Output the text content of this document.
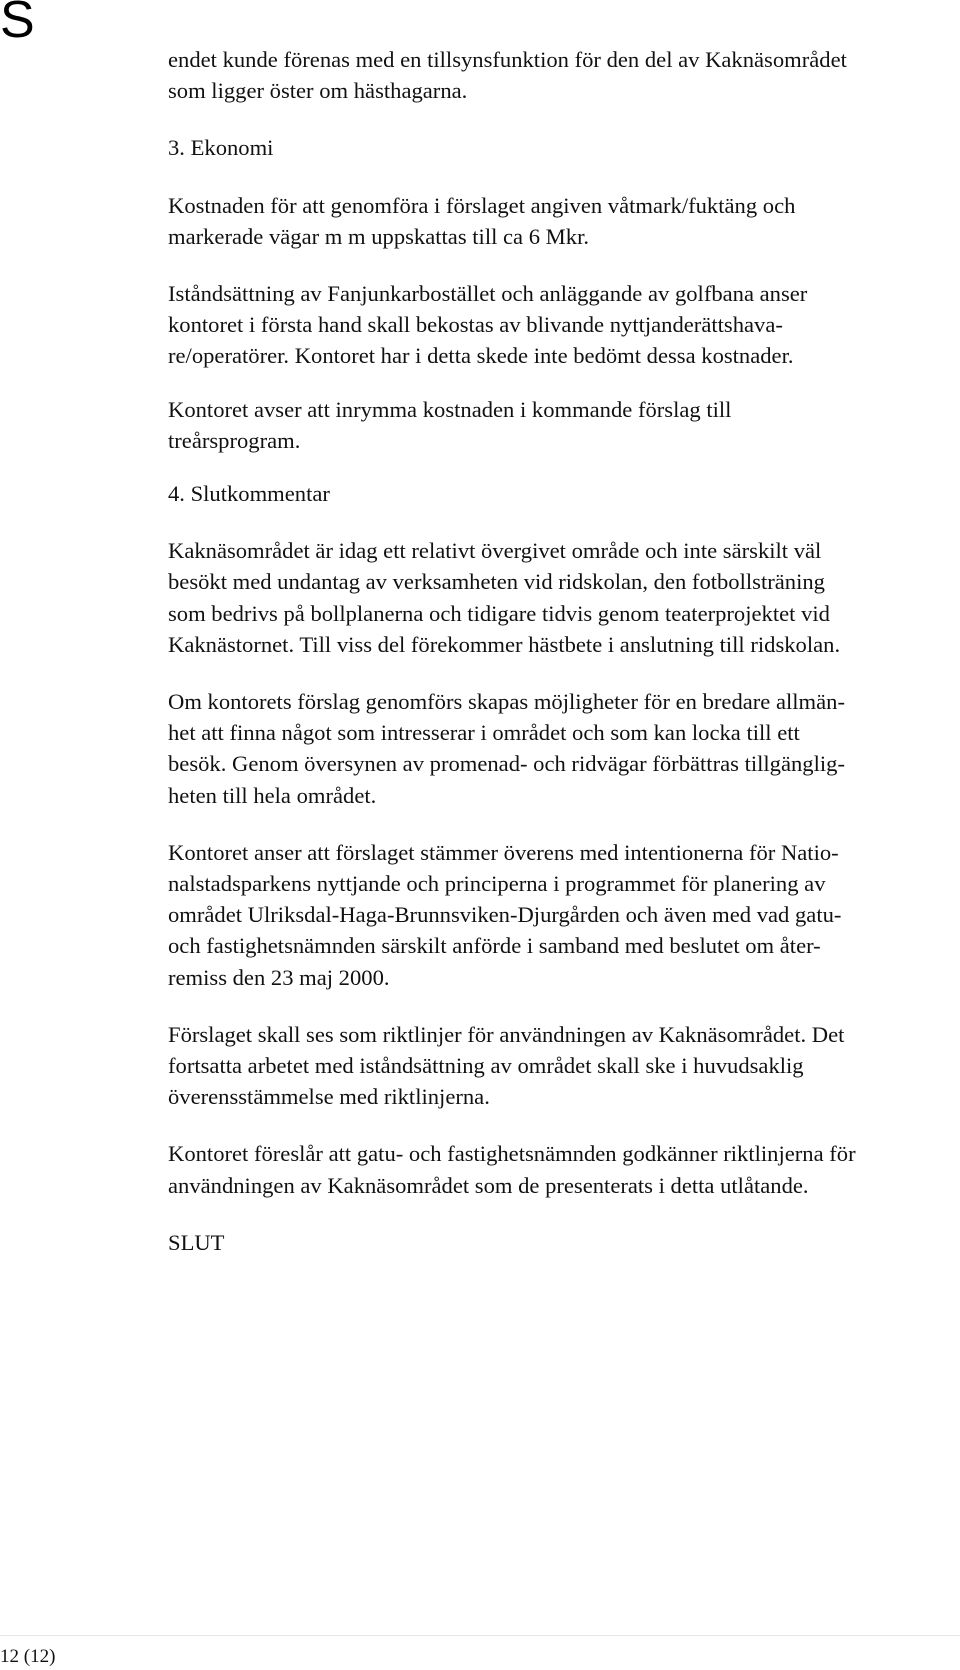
S

endet kunde förenas med en tillsynsfunktion för den del av Kaknäsområdet
som ligger öster om hästhagarna.

3. Ekonomi

Kostnaden för att genomföra i förslaget angiven våtmark/fuktäng och
markerade vägar m m uppskattas till ca 6 Mkr.

Iståndsättning av Fanjunkarbostället och anläggande av golfbana anser
kontoret i första hand skall bekostas av blivande nyttjanderättshava-
re/operatörer. Kontoret har i detta skede inte bedömt dessa kostnader.

Kontoret avser att inrymma kostnaden i kommande förslag till
treårsprogram.

4. Slutkommentar

Kaknäsområdet är idag ett relativt övergivet område och inte särskilt väl
besökt med undantag av verksamheten vid ridskolan, den fotbollsträning
som bedrivs på bollplanerna och tidigare tidvis genom teaterprojektet vid
Kaknästornet. Till viss del förekommer hästbete i anslutning till ridskolan.

Om kontorets förslag genomförs skapas möjligheter för en bredare allmän-
het att finna något som intresserar i området och som kan locka till ett
besök. Genom översynen av promenad- och ridvägar förbättras tillgänglig-
heten till hela området.

Kontoret anser att förslaget stämmer överens med intentionerna för Natio-
nalstadsparkens nyttjande och principerna i programmet för planering av
området Ulriksdal-Haga-Brunnsviken-Djurgården och även med vad gatu-
och fastighetsnämnden särskilt anförde i samband med beslutet om åter-
remiss den 23 maj 2000.

Förslaget skall ses som riktlinjer för användningen av Kaknäsområdet. Det
fortsatta arbetet med iståndsättning av området skall ske i huvudsaklig
överensstämmelse med riktlinjerna.

Kontoret föreslår att gatu- och fastighetsnämnden godkänner riktlinjerna för
användningen av Kaknäsområdet som de presenterats i detta utlåtande.

SLUT

12 (12)
